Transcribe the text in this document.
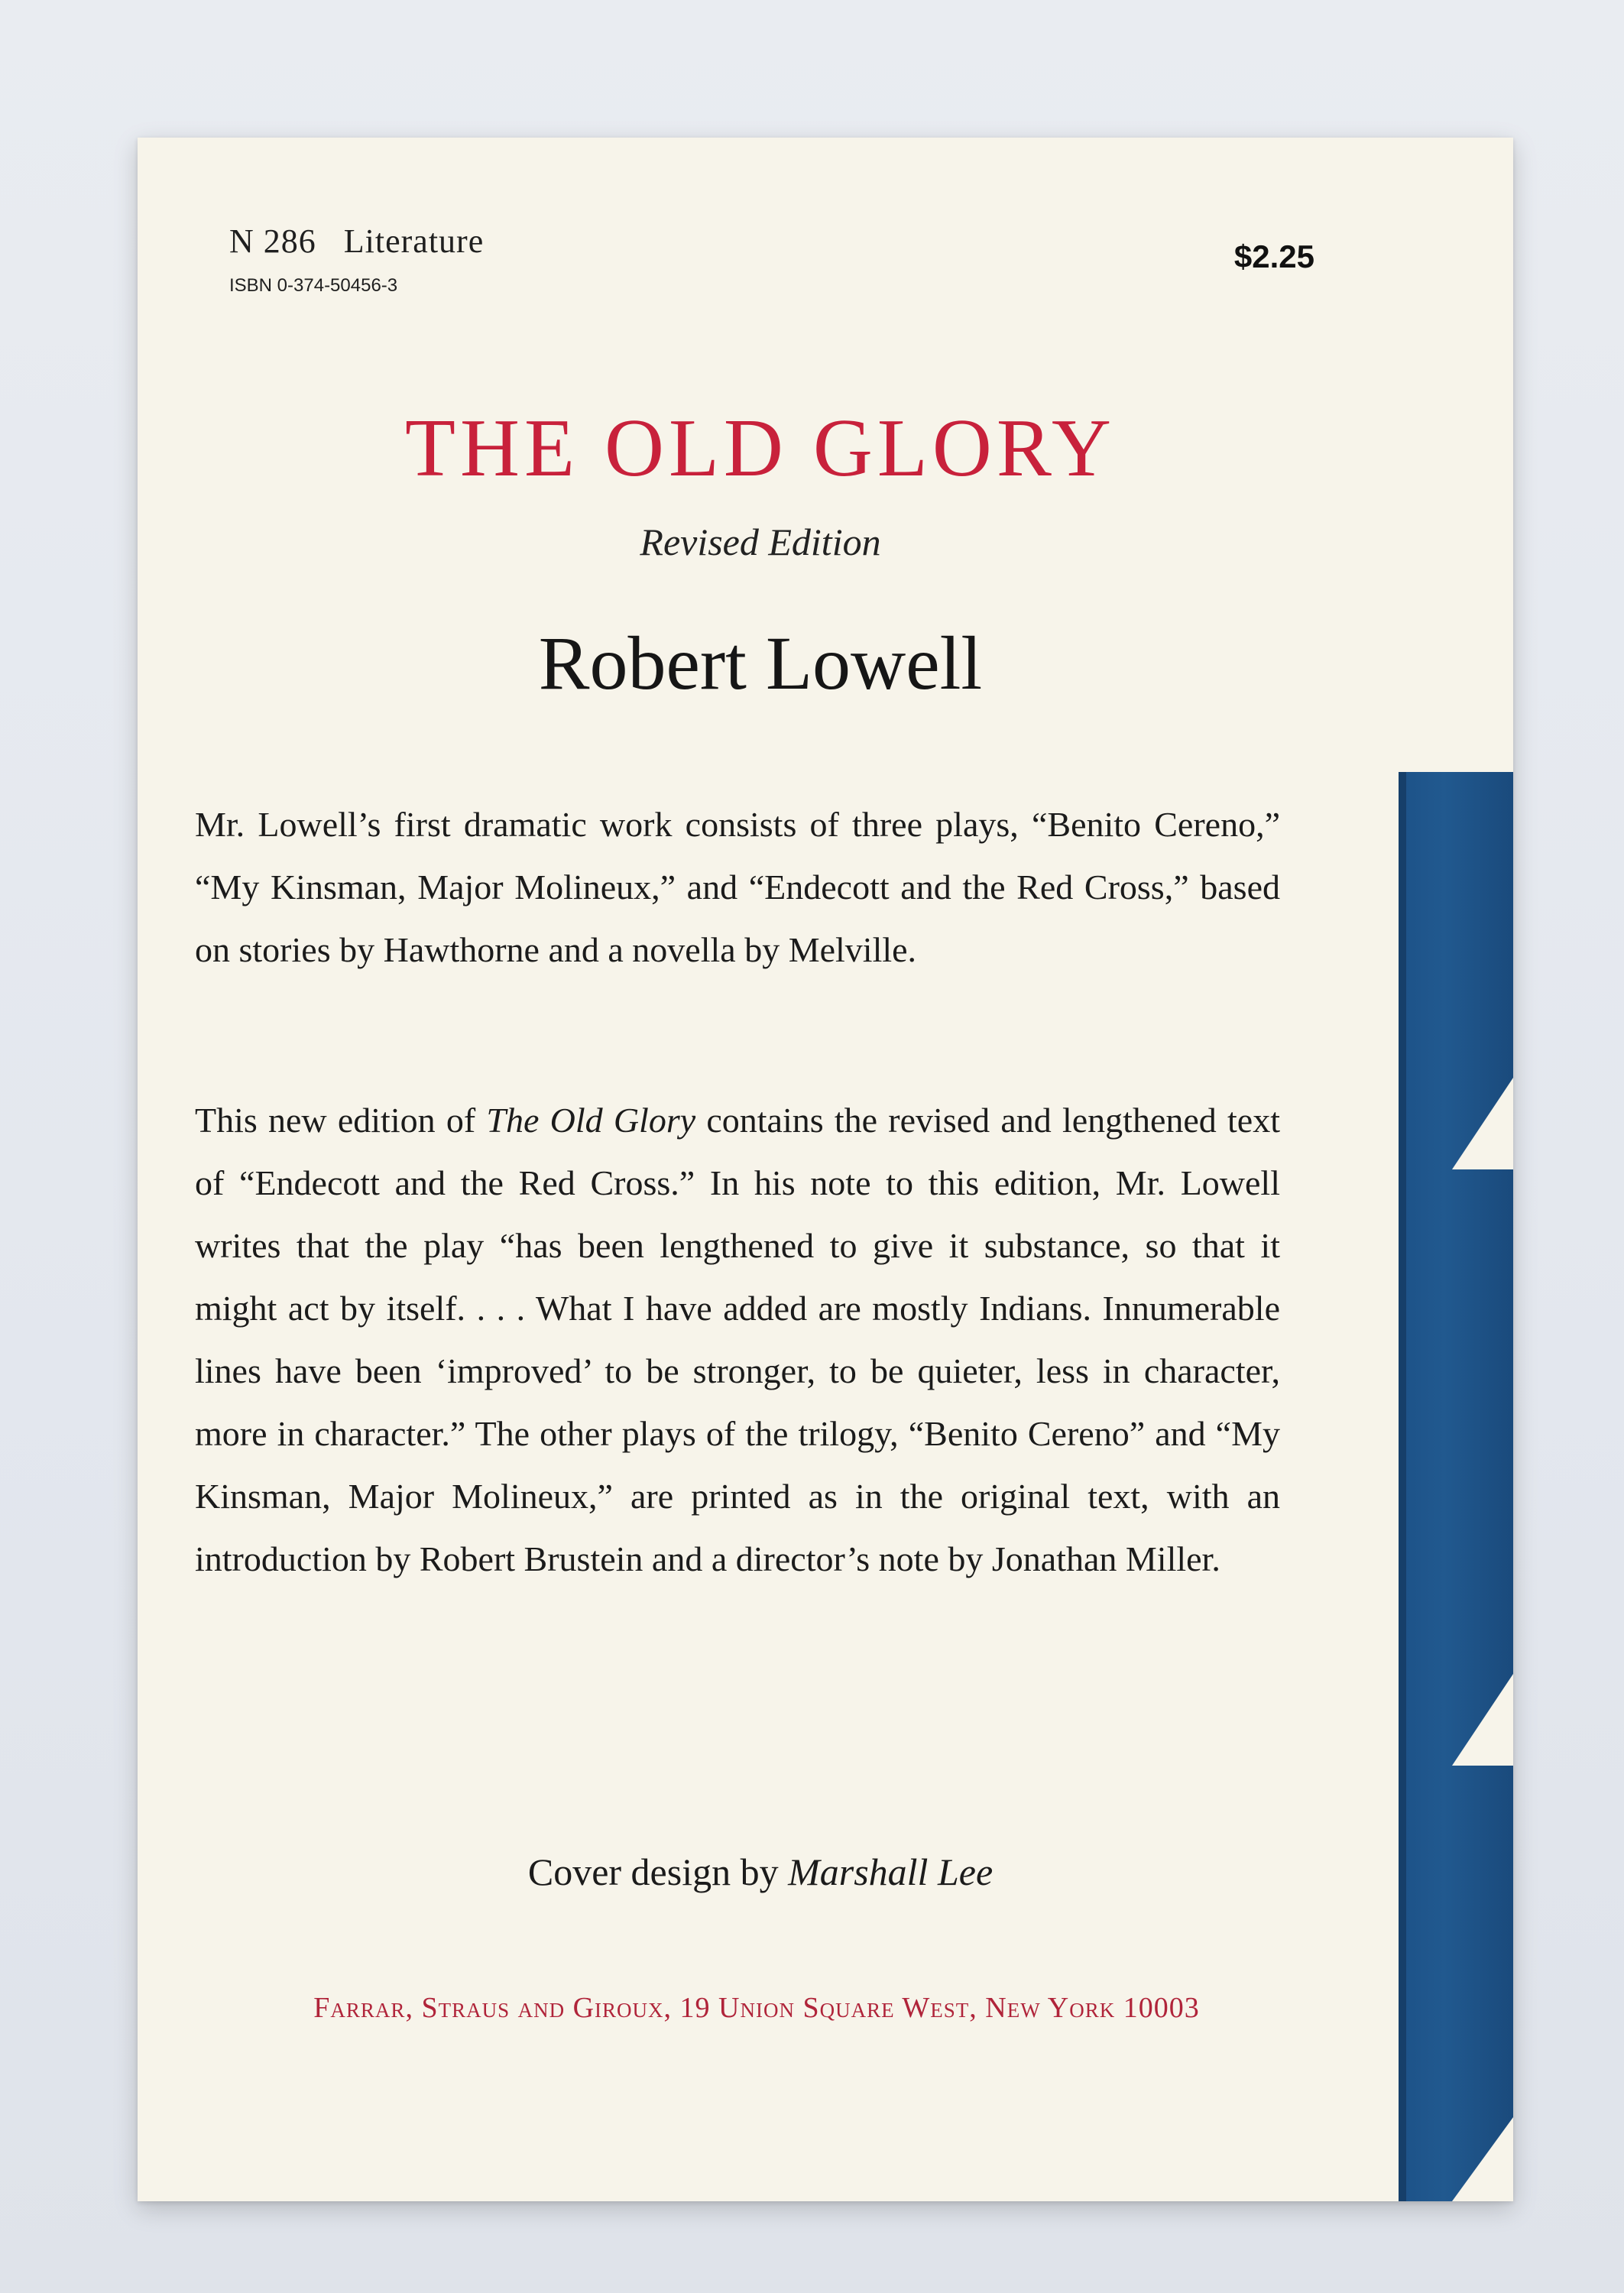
N 286 Literature
ISBN 0-374-50456-3
$2.25
THE OLD GLORY
Revised Edition
Robert Lowell
Mr. Lowell’s first dramatic work consists of three plays, “Benito Cereno,” “My Kinsman, Major Molineux,” and “Endecott and the Red Cross,” based on stories by Hawthorne and a novella by Melville.
This new edition of The Old Glory contains the revised and lengthened text of “Endecott and the Red Cross.” In his note to this edition, Mr. Lowell writes that the play “has been lengthened to give it substance, so that it might act by itself. . . . What I have added are mostly Indians. Innumerable lines have been ‘improved’ to be stronger, to be quieter, less in character, more in character.” The other plays of the trilogy, “Benito Cereno” and “My Kinsman, Major Molineux,” are printed as in the original text, with an introduction by Robert Brustein and a director’s note by Jonathan Miller.
Cover design by Marshall Lee
Farrar, Straus and Giroux, 19 Union Square West, New York 10003
